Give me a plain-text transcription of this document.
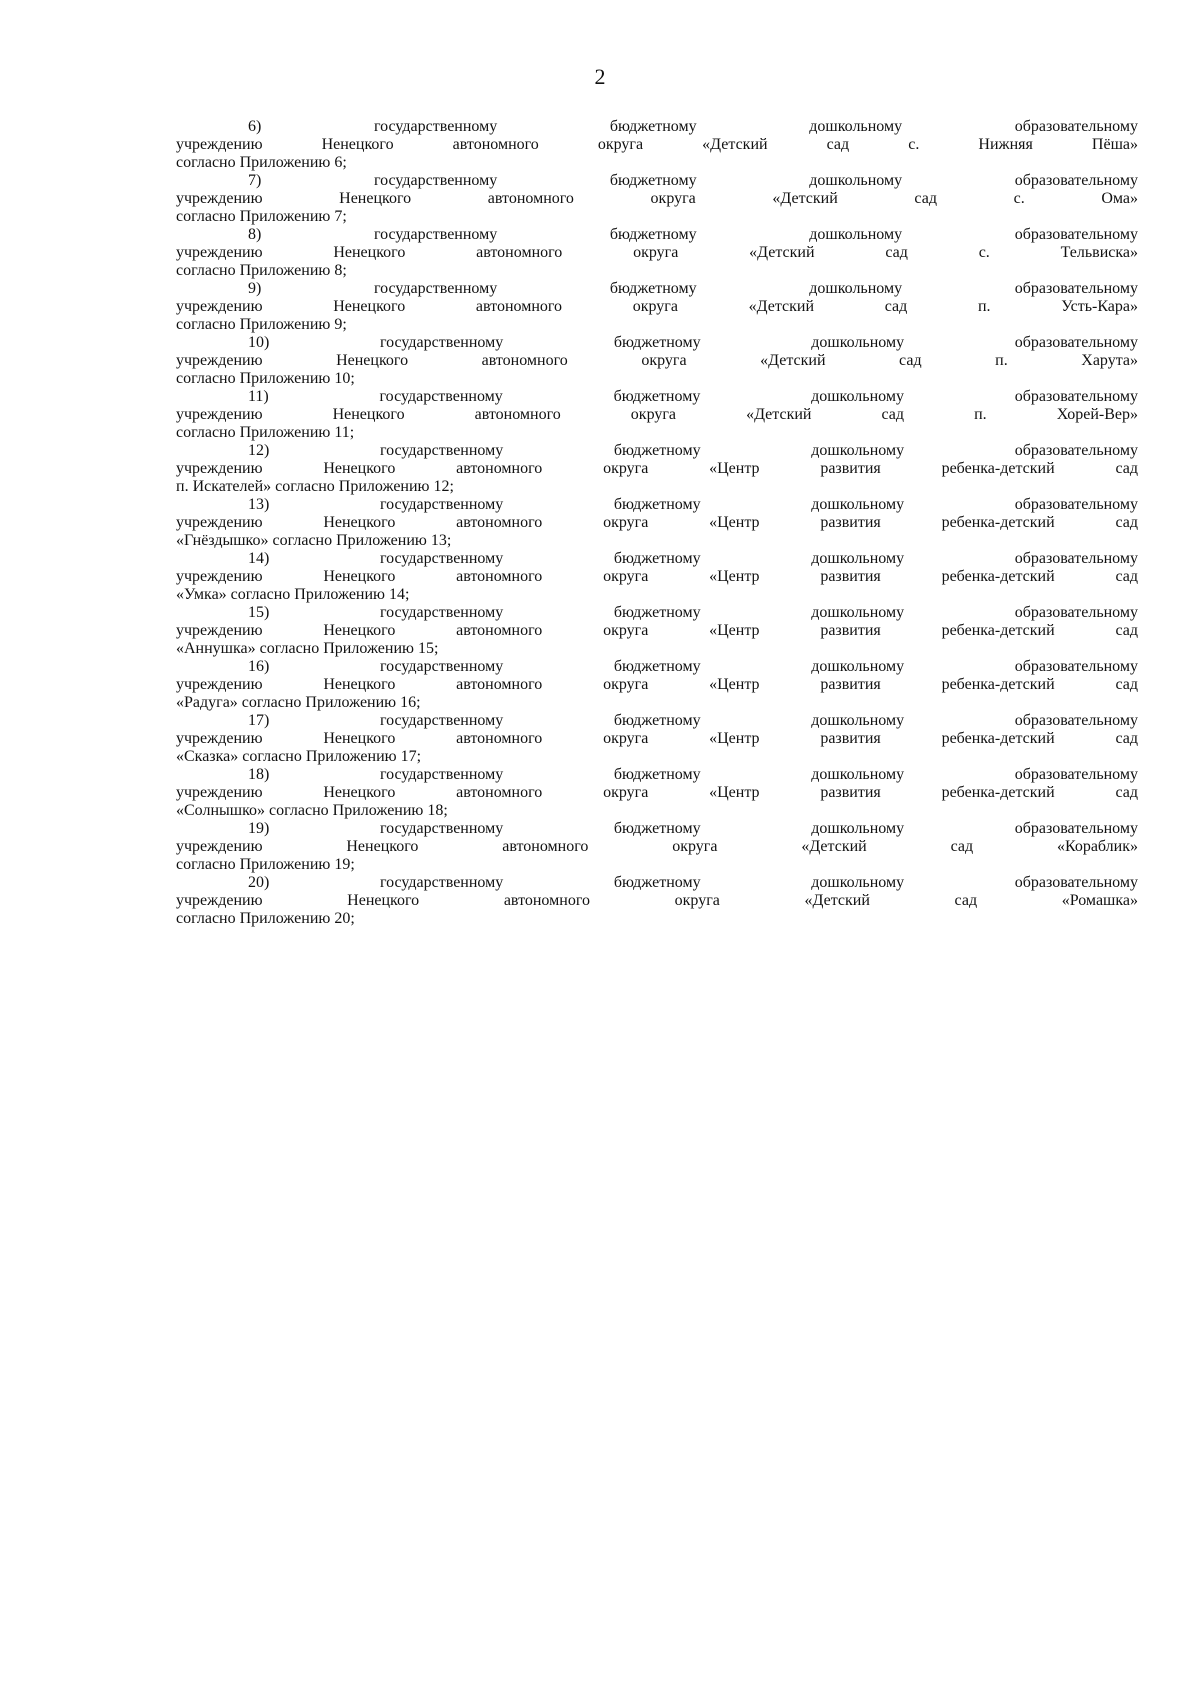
2
6) государственному бюджетному дошкольному образовательному
учреждению Ненецкого автономного округа «Детский сад с. Нижняя Пёша»
согласно Приложению 6;
7) государственному бюджетному дошкольному образовательному
учреждению Ненецкого автономного округа «Детский сад с. Ома»
согласно Приложению 7;
8) государственному бюджетному дошкольному образовательному
учреждению Ненецкого автономного округа «Детский сад с. Тельвиска»
согласно Приложению 8;
9) государственному бюджетному дошкольному образовательному
учреждению Ненецкого автономного округа «Детский сад п. Усть-Кара»
согласно Приложению 9;
10) государственному бюджетному дошкольному образовательному
учреждению Ненецкого автономного округа «Детский сад п. Харута»
согласно Приложению 10;
11) государственному бюджетному дошкольному образовательному
учреждению Ненецкого автономного округа «Детский сад п. Хорей-Вер»
согласно Приложению 11;
12) государственному бюджетному дошкольному образовательному
учреждению Ненецкого автономного округа «Центр развития ребенка-детский сад
п. Искателей» согласно Приложению 12;
13) государственному бюджетному дошкольному образовательному
учреждению Ненецкого автономного округа «Центр развития ребенка-детский сад
«Гнёздышко» согласно Приложению 13;
14) государственному бюджетному дошкольному образовательному
учреждению Ненецкого автономного округа «Центр развития ребенка-детский сад
«Умка» согласно Приложению 14;
15) государственному бюджетному дошкольному образовательному
учреждению Ненецкого автономного округа «Центр развития ребенка-детский сад
«Аннушка» согласно Приложению 15;
16) государственному бюджетному дошкольному образовательному
учреждению Ненецкого автономного округа «Центр развития ребенка-детский сад
«Радуга» согласно Приложению 16;
17) государственному бюджетному дошкольному образовательному
учреждению Ненецкого автономного округа «Центр развития ребенка-детский сад
«Сказка» согласно Приложению 17;
18) государственному бюджетному дошкольному образовательному
учреждению Ненецкого автономного округа «Центр развития ребенка-детский сад
«Солнышко» согласно Приложению 18;
19) государственному бюджетному дошкольному образовательному
учреждению Ненецкого автономного округа «Детский сад «Кораблик»
согласно Приложению 19;
20) государственному бюджетному дошкольному образовательному
учреждению Ненецкого автономного округа «Детский сад «Ромашка»
согласно Приложению 20;
